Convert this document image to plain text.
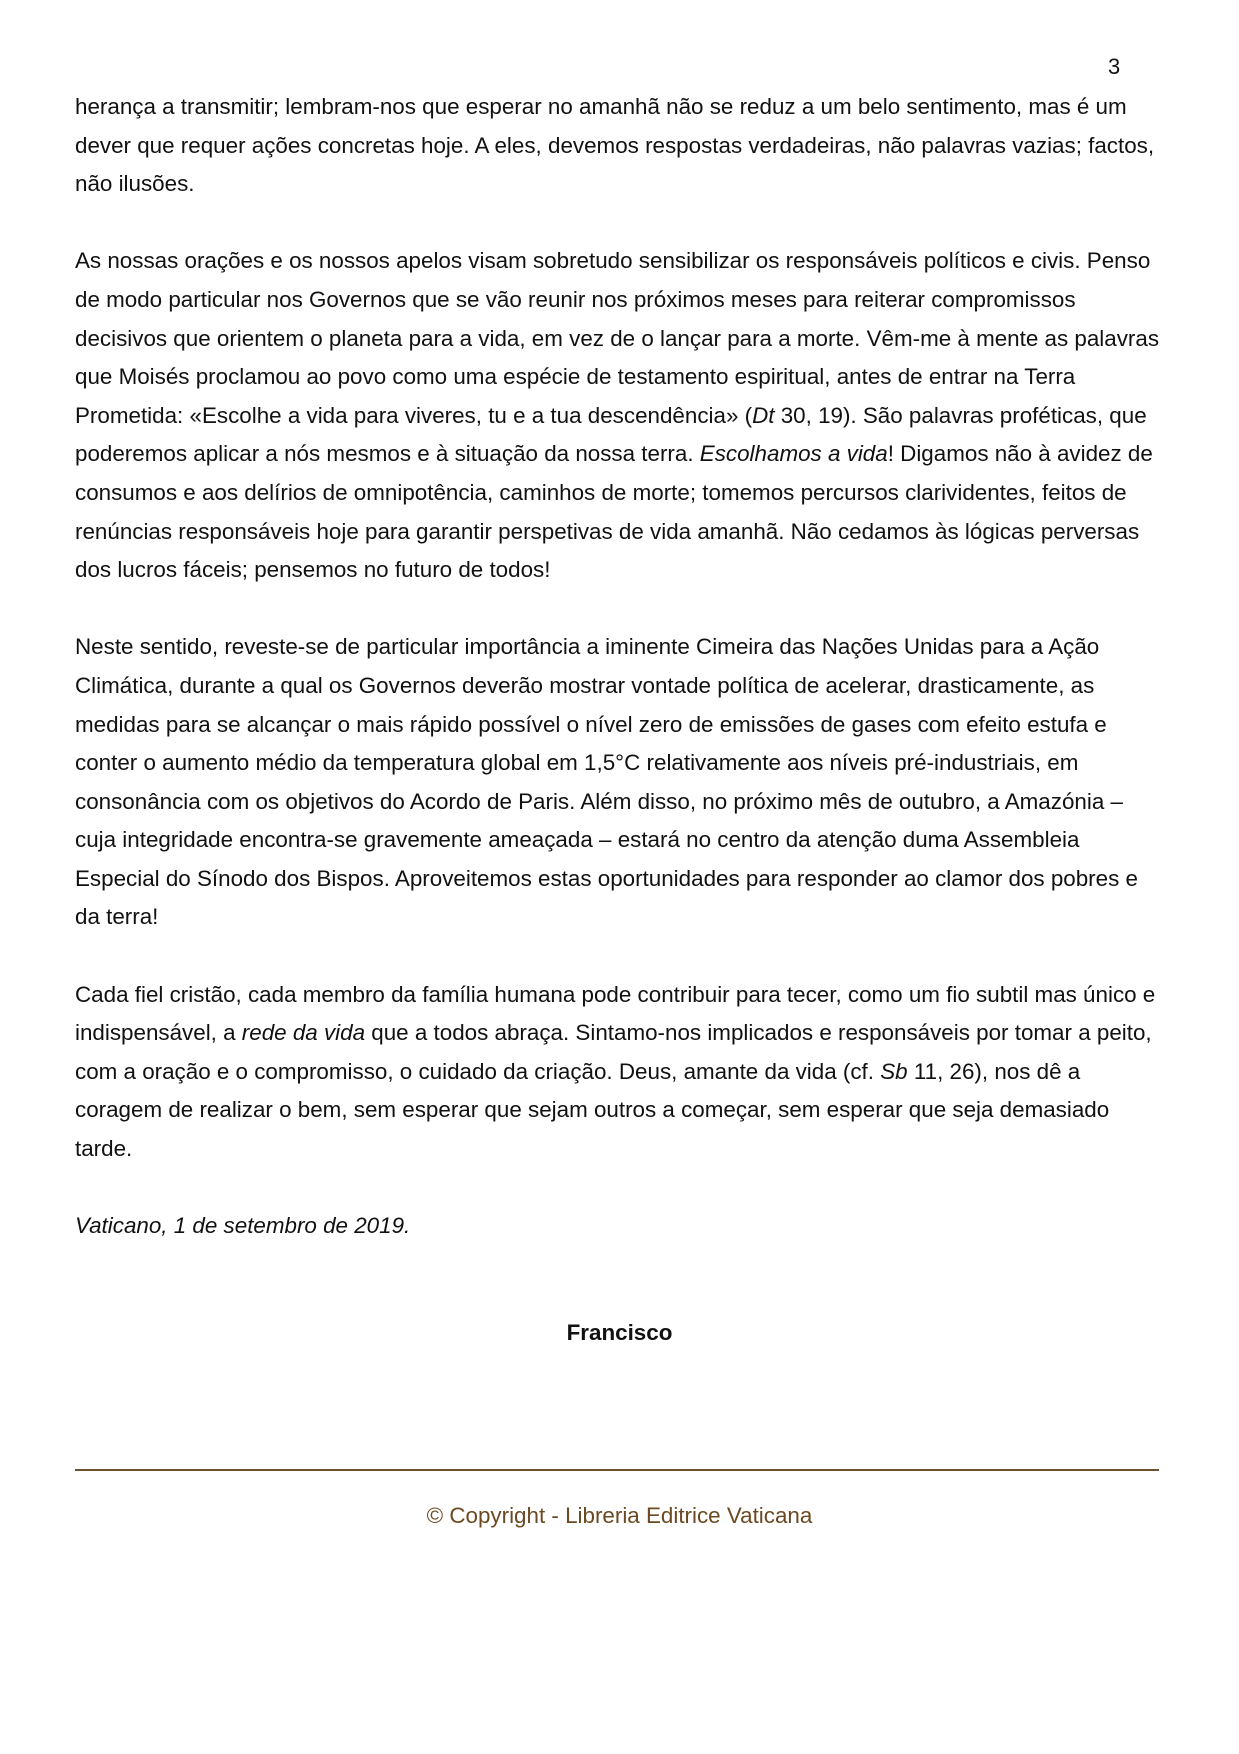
3

herança a transmitir; lembram-nos que esperar no amanhã não se reduz a um belo sentimento, mas é um dever que requer ações concretas hoje. A eles, devemos respostas verdadeiras, não palavras vazias; factos, não ilusões.

As nossas orações e os nossos apelos visam sobretudo sensibilizar os responsáveis políticos e civis. Penso de modo particular nos Governos que se vão reunir nos próximos meses para reiterar compromissos decisivos que orientem o planeta para a vida, em vez de o lançar para a morte. Vêm-me à mente as palavras que Moisés proclamou ao povo como uma espécie de testamento espiritual, antes de entrar na Terra Prometida: «Escolhe a vida para viveres, tu e a tua descendência» (Dt 30, 19). São palavras proféticas, que poderemos aplicar a nós mesmos e à situação da nossa terra. Escolhamos a vida! Digamos não à avidez de consumos e aos delírios de omnipotência, caminhos de morte; tomemos percursos clarividentes, feitos de renúncias responsáveis hoje para garantir perspetivas de vida amanhã. Não cedamos às lógicas perversas dos lucros fáceis; pensemos no futuro de todos!

Neste sentido, reveste-se de particular importância a iminente Cimeira das Nações Unidas para a Ação Climática, durante a qual os Governos deverão mostrar vontade política de acelerar, drasticamente, as medidas para se alcançar o mais rápido possível o nível zero de emissões de gases com efeito estufa e conter o aumento médio da temperatura global em 1,5°C relativamente aos níveis pré-industriais, em consonância com os objetivos do Acordo de Paris. Além disso, no próximo mês de outubro, a Amazónia – cuja integridade encontra-se gravemente ameaçada – estará no centro da atenção duma Assembleia Especial do Sínodo dos Bispos. Aproveitemos estas oportunidades para responder ao clamor dos pobres e da terra!

Cada fiel cristão, cada membro da família humana pode contribuir para tecer, como um fio subtil mas único e indispensável, a rede da vida que a todos abraça. Sintamo-nos implicados e responsáveis por tomar a peito, com a oração e o compromisso, o cuidado da criação. Deus, amante da vida (cf. Sb 11, 26), nos dê a coragem de realizar o bem, sem esperar que sejam outros a começar, sem esperar que seja demasiado tarde.

Vaticano, 1 de setembro de 2019.

Francisco
© Copyright - Libreria Editrice Vaticana
